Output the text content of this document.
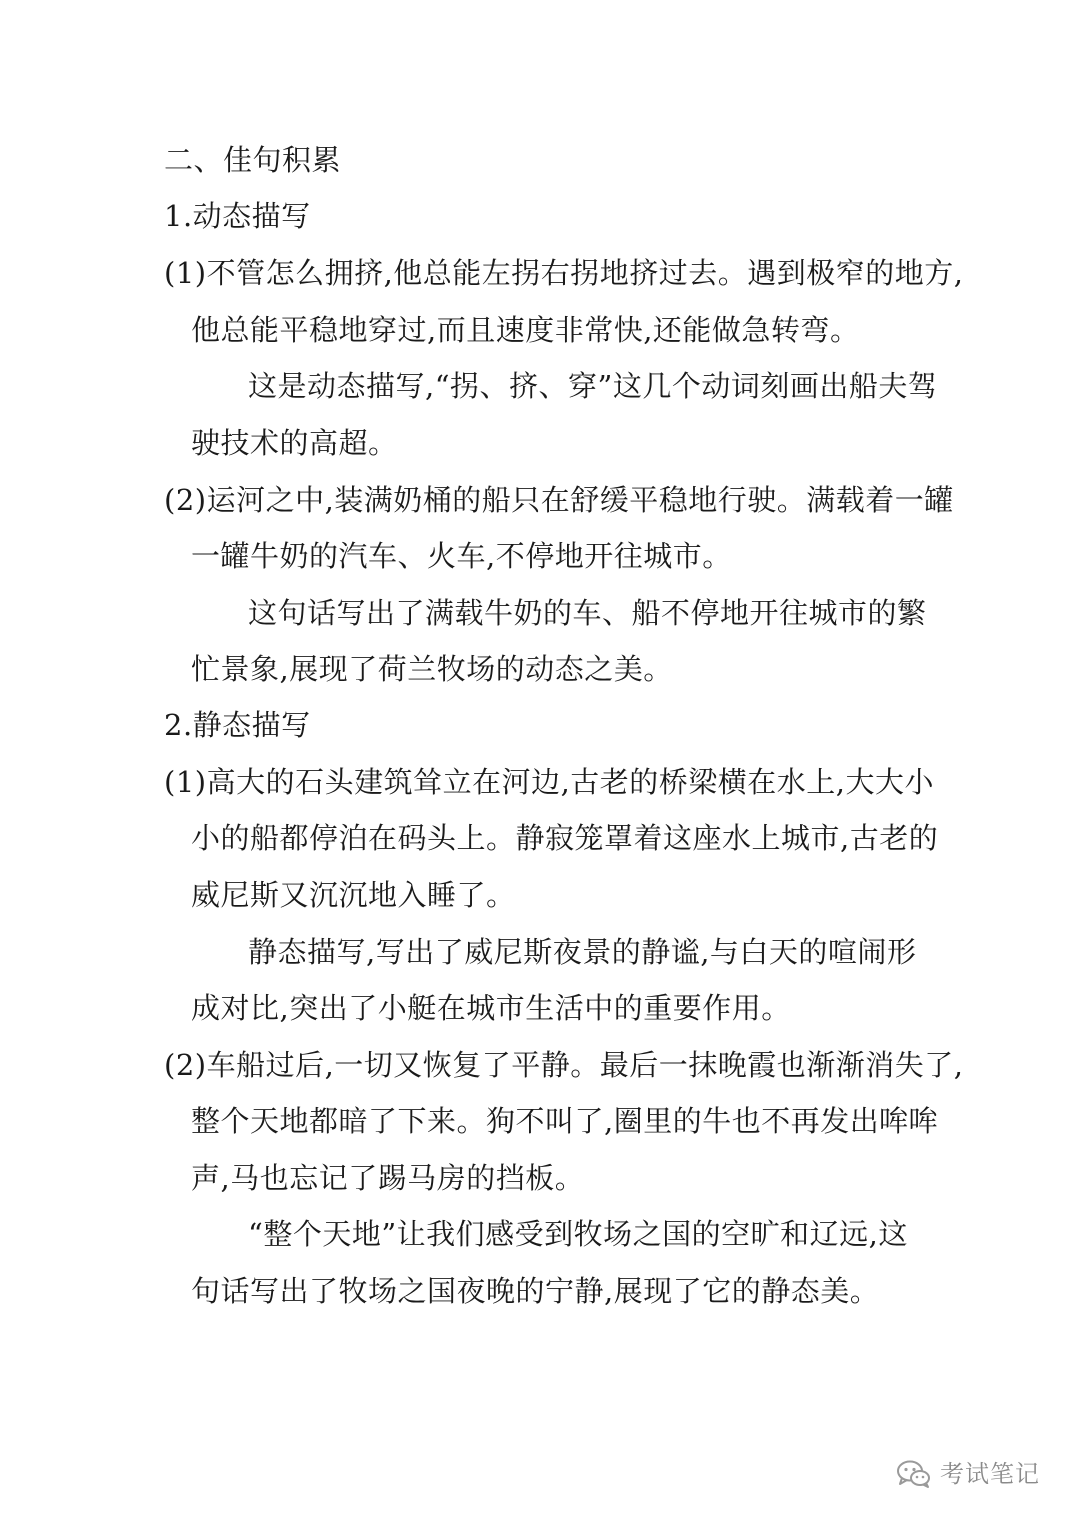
二、佳句积累

1.动态描写

(1)不管怎么拥挤,他总能左拐右拐地挤过去。遇到极窄的地方,

他总能平稳地穿过,而且速度非常快,还能做急转弯。

这是动态描写,“拐、挤、穿”这几个动词刻画出船夫驾

驶技术的高超。

(2)运河之中,装满奶桶的船只在舒缓平稳地行驶。满载着一罐

一罐牛奶的汽车、火车,不停地开往城市。

这句话写出了满载牛奶的车、船不停地开往城市的繁

忙景象,展现了荷兰牧场的动态之美。

2.静态描写

(1)高大的石头建筑耸立在河边,古老的桥梁横在水上,大大小

小的船都停泊在码头上。静寂笼罩着这座水上城市,古老的

威尼斯又沉沉地入睡了。

静态描写,写出了威尼斯夜景的静谧,与白天的喧闹形

成对比,突出了小艇在城市生活中的重要作用。

(2)车船过后,一切又恢复了平静。最后一抹晚霞也渐渐消失了,

整个天地都暗了下来。狗不叫了,圈里的牛也不再发出哞哞

声,马也忘记了踢马房的挡板。

“整个天地”让我们感受到牧场之国的空旷和辽远,这

句话写出了牧场之国夜晚的宁静,展现了它的静态美。

考试笔记
